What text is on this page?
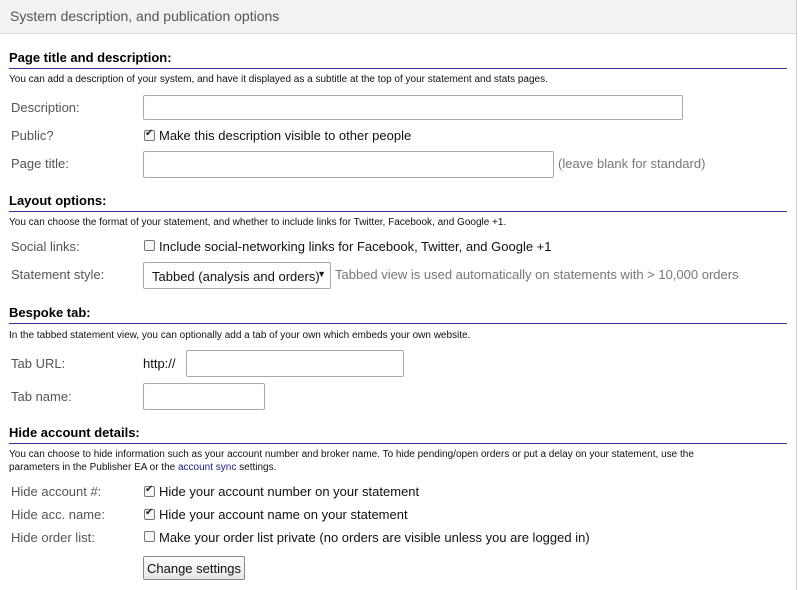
System description, and publication options
Page title and description:
You can add a description of your system, and have it displayed as a subtitle at the top of your statement and stats pages.
Description:
Public? ✔	Make this description visible to other people
Page title:	(leave blank for standard)
Layout options:
You can choose the format of your statement, and whether to include links for Twitter, Facebook, and Google +1.
Social links:	Include social-networking links for Facebook, Twitter, and Google +1
Statement style:	Tabbed (analysis and orders)
▼ Tabbed view is used automatically on statements with > 10,000 orders
Bespoke tab:
In the tabbed statement view, you can optionally add a tab of your own which embeds your own website.
Tab URL:	http://
Tab name:
Hide account details:
You can choose to hide information such as your account number and broker name. To hide pending/open orders or put a delay on your statement, use the
parameters in the Publisher EA or the account sync settings.
Hide account #: ✔	Hide your account number on your statement
Hide acc. name: ✔	Hide your account name on your statement
Hide order list:	Make your order list private (no orders are visible unless you are logged in)
Change settings
